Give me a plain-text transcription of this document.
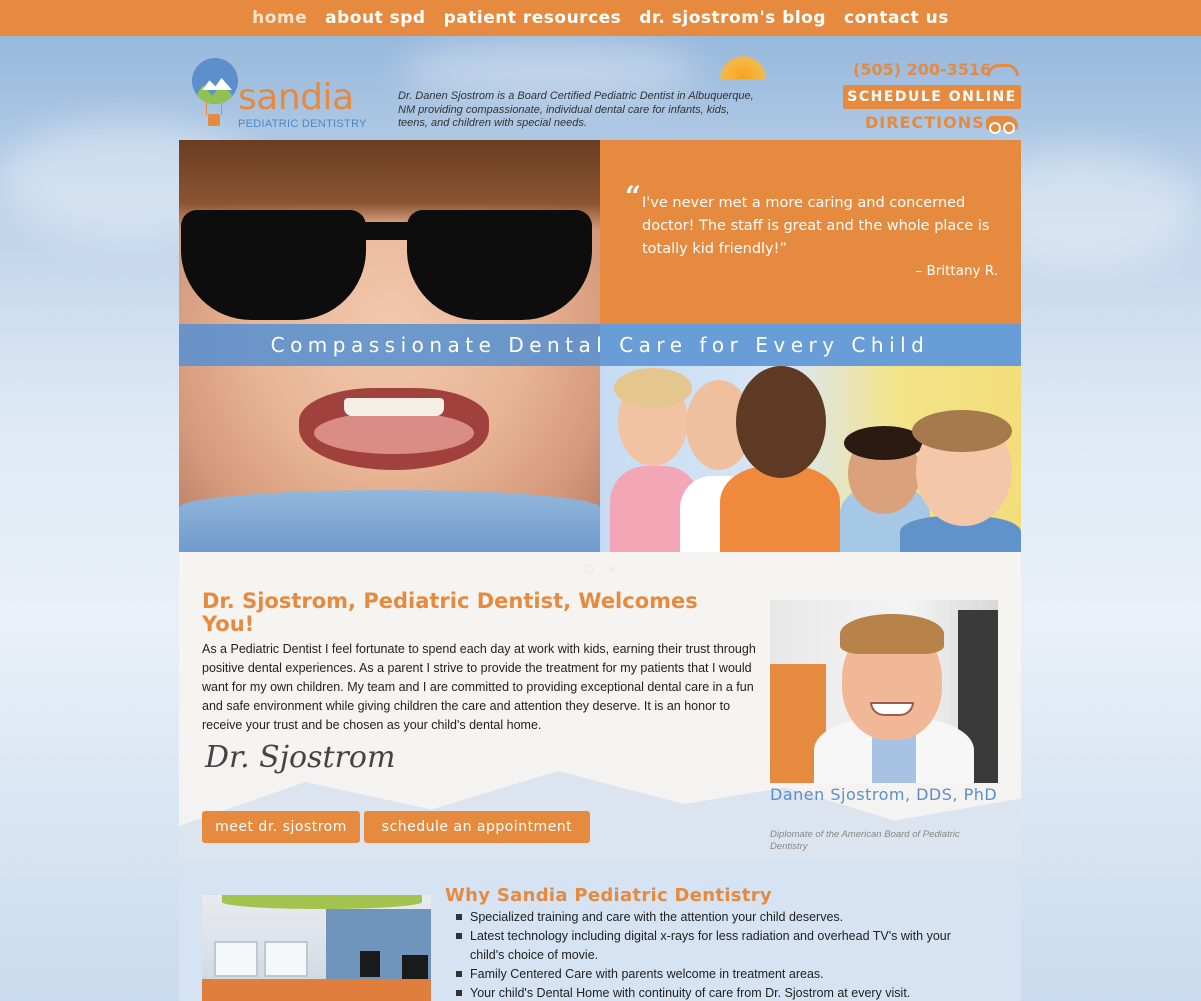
home about spd patient resources dr. sjostrom's blog contact us
sandia
PEDIATRIC DENTISTRY

Dr. Danen Sjostrom is a Board Certified Pediatric Dentist in Albuquerque, NM providing compassionate, individual dental care for infants, kids, teens, and children with special needs.

(505) 200-3516
SCHEDULE ONLINE
DIRECTIONS
Compassionate Dental Care for Every Child
“ I've never met a more caring and concerned doctor! The staff is great and the whole place is totally kid friendly!”

– Brittany R.
Dr. Sjostrom, Pediatric Dentist, Welcomes You!

As a Pediatric Dentist I feel fortunate to spend each day at work with kids, earning their trust through positive dental experiences. As a parent I strive to provide the treatment for my patients that I would want for my own children. My team and I are committed to providing exceptional dental care in a fun and safe environment while giving children the care and attention they deserve. It is an honor to receive your trust and be chosen as your child's dental home.

Dr. Sjostrom
meet dr. sjostrom	schedule an appointment
Danen Sjostrom, DDS, PhD

Diplomate of the American Board of Pediatric Dentistry

Why Sandia Pediatric Dentistry
Specialized training and care with the attention your child deserves.
Latest technology including digital x-rays for less radiation and overhead TV's with your child's choice of movie.
Family Centered Care with parents welcome in treatment areas.
Your child's Dental Home with continuity of care from Dr. Sjostrom at every visit.
